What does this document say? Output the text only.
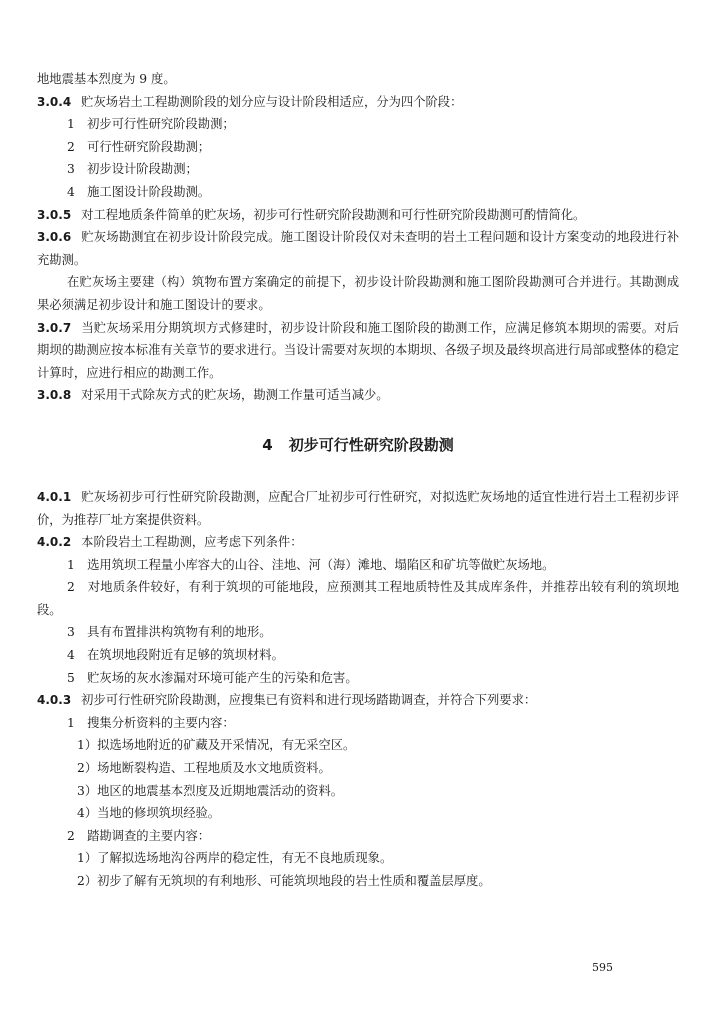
地地震基本烈度为 9 度。

3.0.4 贮灰场岩土工程勘测阶段的划分应与设计阶段相适应，分为四个阶段：

1　初步可行性研究阶段勘测；

2　可行性研究阶段勘测；

3　初步设计阶段勘测；

4　施工图设计阶段勘测。

3.0.5 对工程地质条件简单的贮灰场，初步可行性研究阶段勘测和可行性研究阶段勘测可酌情简化。

3.0.6 贮灰场勘测宜在初步设计阶段完成。施工图设计阶段仅对未查明的岩土工程问题和设计方案变动的地段进行补充勘测。

在贮灰场主要建（构）筑物布置方案确定的前提下，初步设计阶段勘测和施工图阶段勘测可合并进行。其勘测成果必须满足初步设计和施工图设计的要求。

3.0.7 当贮灰场采用分期筑坝方式修建时，初步设计阶段和施工图阶段的勘测工作，应满足修筑本期坝的需要。对后期坝的勘测应按本标准有关章节的要求进行。当设计需要对灰坝的本期坝、各级子坝及最终坝高进行局部或整体的稳定计算时，应进行相应的勘测工作。

3.0.8 对采用干式除灰方式的贮灰场，勘测工作量可适当减少。

4 初步可行性研究阶段勘测

4.0.1 贮灰场初步可行性研究阶段勘测，应配合厂址初步可行性研究，对拟选贮灰场地的适宜性进行岩土工程初步评价，为推荐厂址方案提供资料。

4.0.2 本阶段岩土工程勘测，应考虑下列条件：

1　选用筑坝工程量小库容大的山谷、洼地、河（海）滩地、塌陷区和矿坑等做贮灰场地。

2　对地质条件较好，有利于筑坝的可能地段，应预测其工程地质特性及其成库条件，并推荐出较有利的筑坝地段。

3　具有布置排洪构筑物有利的地形。

4　在筑坝地段附近有足够的筑坝材料。

5　贮灰场的灰水渗漏对环境可能产生的污染和危害。

4.0.3 初步可行性研究阶段勘测，应搜集已有资料和进行现场踏勘调查，并符合下列要求：

1　搜集分析资料的主要内容：

1）拟选场地附近的矿藏及开采情况，有无采空区。

2）场地断裂构造、工程地质及水文地质资料。

3）地区的地震基本烈度及近期地震活动的资料。

4）当地的修坝筑坝经验。

2　踏勘调查的主要内容：

1）了解拟选场地沟谷两岸的稳定性，有无不良地质现象。

2）初步了解有无筑坝的有利地形、可能筑坝地段的岩土性质和覆盖层厚度。

595
